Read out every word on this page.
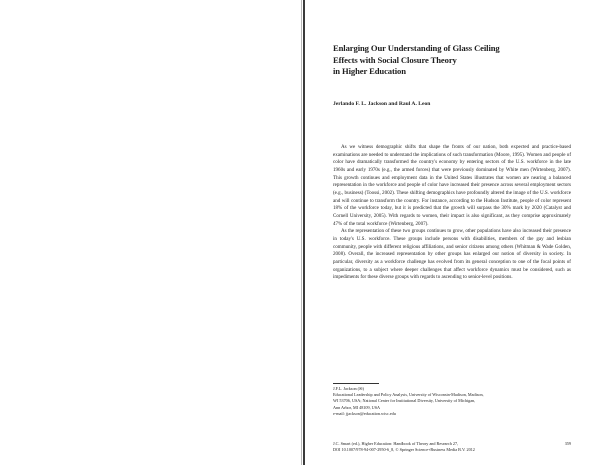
Enlarging Our Understanding of Glass Ceiling
Effects with Social Closure Theory
in Higher Education
Jerlando F. L. Jackson and Raul A. Leon

As we witness demographic shifts that shape the fronts of our nation, both expected and practice-based examinations are needed to understand the implications of such transformation (Moore, 1995). Women and people of color have dramatically transformed the country's economy by entering sectors of the U.S. workforce in the late 1960s and early 1970s (e.g., the armed forces) that were previously dominated by White men (Wirtenberg, 2007). This growth continues and employment data in the United States illustrates that women are nearing a balanced representation in the workforce and people of color have increased their presence across several employment sectors (e.g., business) (Toossi, 2002). These shifting demographics have profoundly altered the image of the U.S. workforce and will continue to transform the country. For instance, according to the Hudson Institute, people of color represent 18% of the workforce today, but it is predicted that the growth will surpass the 30% mark by 2020 (Catalyst and Cornell University, 2005). With regards to women, their impact is also significant, as they comprise approximately 47% of the total workforce (Wirtenberg, 2007).

As the representation of these two groups continues to grow, other populations have also increased their presence in today's U.S. workforce. These groups include persons with disabilities, members of the gay and lesbian community, people with different religious affiliations, and senior citizens among others (Whitman & Wade Golden, 2008). Overall, the increased representation by other groups has enlarged our notion of diversity in society. In particular, diversity as a workforce challenge has evolved from its general conception to one of the focal points of organizations, to a subject where deeper challenges that affect workforce dynamics must be considered, such as impediments for these diverse groups with regards to ascending to senior-level positions.

J.F.L. Jackson (✉)
Educational Leadership and Policy Analysis, University of Wisconsin-Madison, Madison,
WI 53706, USA; National Center for Institutional Diversity, University of Michigan,
Ann Arbor, MI 48109, USA
e-mail: jjackson@education.wisc.edu
J.C. Smart (ed.), Higher Education: Handbook of Theory and Research 27,	359
DOI 10.1007/978-94-007-2950-6_8, © Springer Science+Business Media B.V. 2012
